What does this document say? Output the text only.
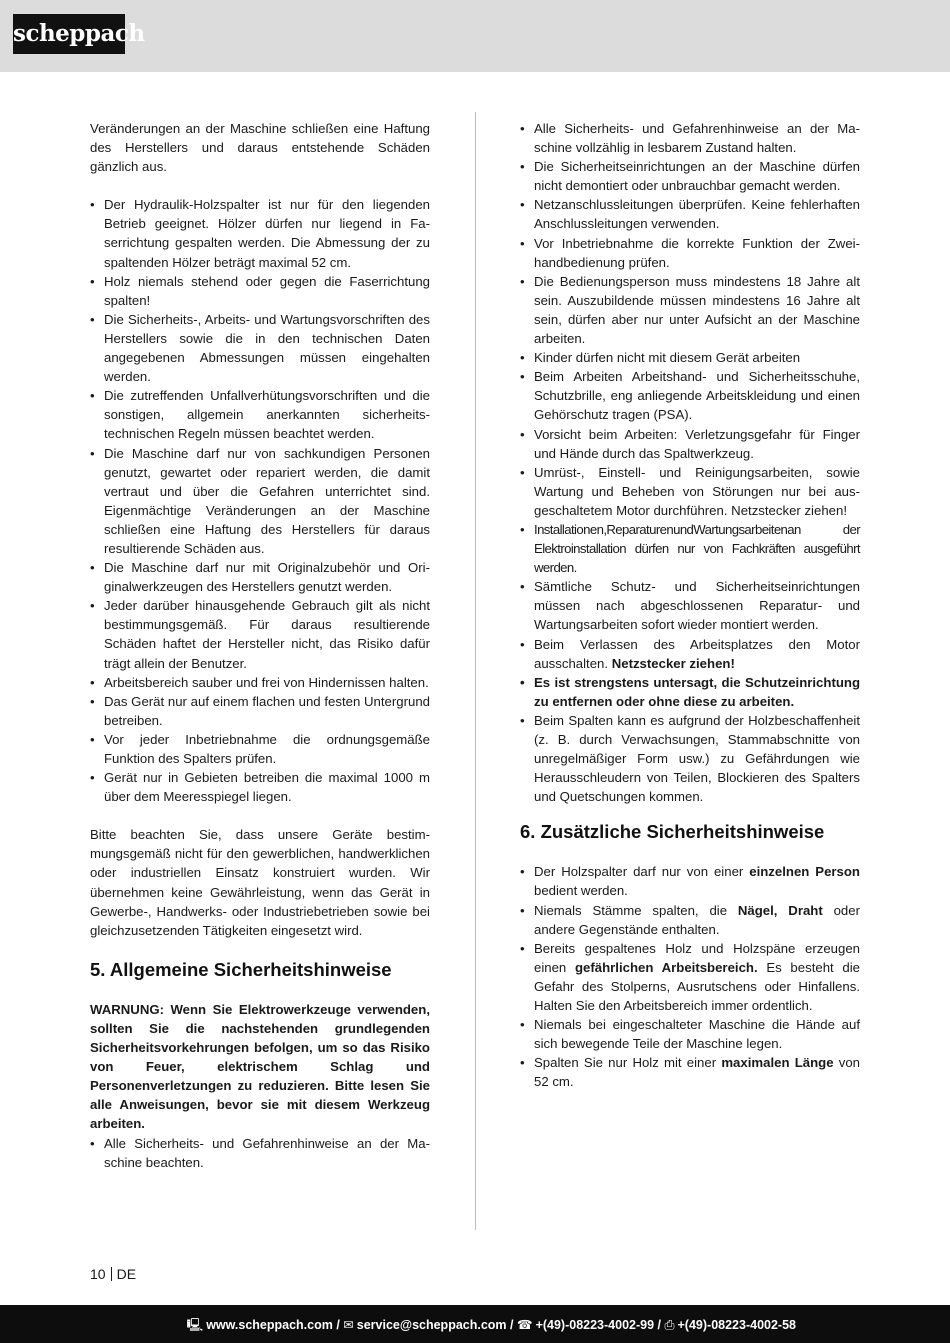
scheppach

Veränderungen an der Maschine schließen eine Haftung des Herstellers und daraus entstehende Schäden gänzlich aus.

• Der Hydraulik-Holzspalter ist nur für den liegenden Betrieb geeignet. Hölzer dürfen nur liegend in Faserrichtung gespalten werden. Die Abmessung der zu spaltenden Hölzer beträgt maximal 52 cm.
• Holz niemals stehend oder gegen die Faserrichtung spalten!
• Die Sicherheits-, Arbeits- und Wartungsvorschriften des Herstellers sowie die in den technischen Daten angegebenen Abmessungen müssen eingehalten werden.
• Die zutreffenden Unfallverhütungsvorschriften und die sonstigen, allgemein anerkannten sicherheitstechnischen Regeln müssen beachtet werden.
• Die Maschine darf nur von sachkundigen Personen genutzt, gewartet oder repariert werden, die damit vertraut und über die Gefahren unterrichtet sind. Eigenmächtige Veränderungen an der Maschine schließen eine Haftung des Herstellers für daraus resultierende Schäden aus.
• Die Maschine darf nur mit Originalzubehör und Originalwerkzeugen des Herstellers genutzt werden.
• Jeder darüber hinausgehende Gebrauch gilt als nicht bestimmungsgemäß. Für daraus resultierende Schäden haftet der Hersteller nicht, das Risiko dafür trägt allein der Benutzer.
• Arbeitsbereich sauber und frei von Hindernissen halten.
• Das Gerät nur auf einem flachen und festen Untergrund betreiben.
• Vor jeder Inbetriebnahme die ordnungsgemäße Funktion des Spalters prüfen.
• Gerät nur in Gebieten betreiben die maximal 1000 m über dem Meeresspiegel liegen.

Bitte beachten Sie, dass unsere Geräte bestimmungsgemäß nicht für den gewerblichen, handwerklichen oder industriellen Einsatz konstruiert wurden. Wir übernehmen keine Gewährleistung, wenn das Gerät in Gewerbe-, Handwerks- oder Industriebetrieben sowie bei gleichzusetzenden Tätigkeiten eingesetzt wird.

5. Allgemeine Sicherheitshinweise

WARNUNG: Wenn Sie Elektrowerkzeuge verwenden, sollten Sie die nachstehenden grundlegenden Sicherheitsvorkehrungen befolgen, um so das Risiko von Feuer, elektrischem Schlag und Personenverletzungen zu reduzieren. Bitte lesen Sie alle Anweisungen, bevor sie mit diesem Werkzeug arbeiten.

• Alle Sicherheits- und Gefahrenhinweise an der Maschine beachten.
• Alle Sicherheits- und Gefahrenhinweise an der Maschine vollzählig in lesbarem Zustand halten.
• Die Sicherheitseinrichtungen an der Maschine dürfen nicht demontiert oder unbrauchbar gemacht werden.
• Netzanschlussleitungen überprüfen. Keine fehlerhaften Anschlussleitungen verwenden.
• Vor Inbetriebnahme die korrekte Funktion der Zweihandbedienung prüfen.
• Die Bedienungsperson muss mindestens 18 Jahre alt sein. Auszubildende müssen mindestens 16 Jahre alt sein, dürfen aber nur unter Aufsicht an der Maschine arbeiten.
• Kinder dürfen nicht mit diesem Gerät arbeiten
• Beim Arbeiten Arbeitshand- und Sicherheitsschuhe, Schutzbrille, eng anliegende Arbeitskleidung und einen Gehörschutz tragen (PSA).
• Vorsicht beim Arbeiten: Verletzungsgefahr für Finger und Hände durch das Spaltwerkzeug.
• Umrüst-, Einstell- und Reinigungsarbeiten, sowie Wartung und Beheben von Störungen nur bei ausgeschaltetem Motor durchführen. Netzstecker ziehen!
• Installationen,ReparaturenundWartungsarbeitenan der Elektroinstallation dürfen nur von Fachkräften ausgeführt werden.
• Sämtliche Schutz- und Sicherheitseinrichtungen müssen nach abgeschlossenen Reparatur- und Wartungsarbeiten sofort wieder montiert werden.
• Beim Verlassen des Arbeitsplatzes den Motor ausschalten. Netzstecker ziehen!
• Es ist strengstens untersagt, die Schutzeinrichtung zu entfernen oder ohne diese zu arbeiten.
• Beim Spalten kann es aufgrund der Holzbeschaffenheit (z. B. durch Verwachsungen, Stammabschnitte von unregelmäßiger Form usw.) zu Gefährdungen wie Herausschleudern von Teilen, Blockieren des Spalters und Quetschungen kommen.
6. Zusätzliche Sicherheitshinweise
• Der Holzspalter darf nur von einer einzelnen Person bedient werden.
• Niemals Stämme spalten, die Nägel, Draht oder andere Gegenstände enthalten.
• Bereits gespaltenes Holz und Holzspäne erzeugen einen gefährlichen Arbeitsbereich. Es besteht die Gefahr des Stolperns, Ausrutschens oder Hinfallens. Halten Sie den Arbeitsbereich immer ordentlich.
• Niemals bei eingeschalteter Maschine die Hände auf sich bewegende Teile der Maschine legen.
• Spalten Sie nur Holz mit einer maximalen Länge von 52 cm.
10 DE
🖳 www.scheppach.com / ✉ service@scheppach.com / ☎ +(49)-08223-4002-99 / ⎙ +(49)-08223-4002-58
